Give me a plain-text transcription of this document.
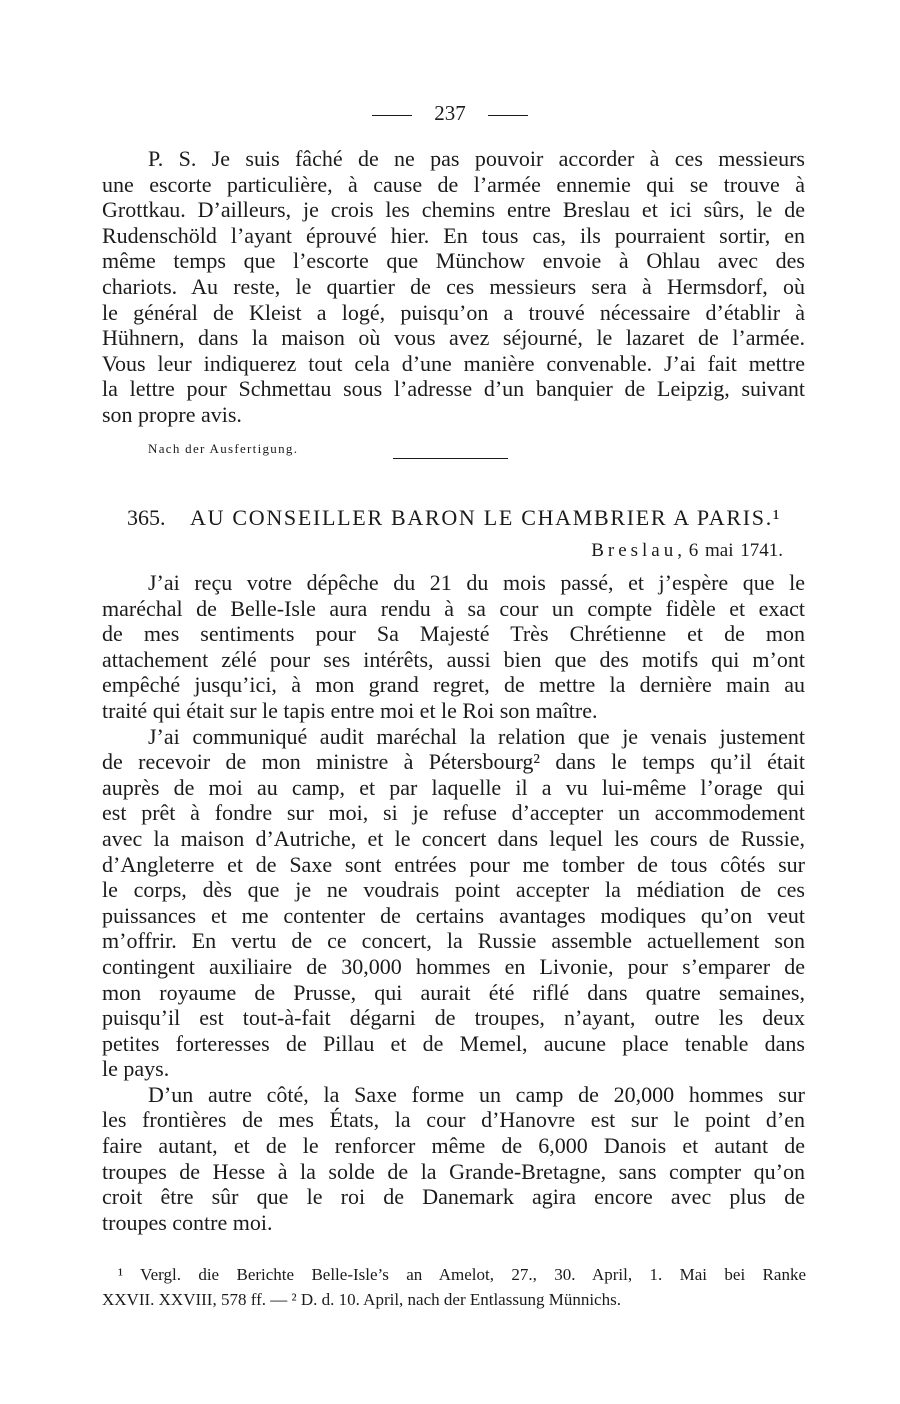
237
P. S. Je suis fâché de ne pas pouvoir accorder à ces messieurs
une escorte particulière, à cause de l’armée ennemie qui se trouve à
Grottkau. D’ailleurs, je crois les chemins entre Breslau et ici sûrs, le de
Rudenschöld l’ayant éprouvé hier. En tous cas, ils pourraient sortir, en
même temps que l’escorte que Münchow envoie à Ohlau avec des
chariots. Au reste, le quartier de ces messieurs sera à Hermsdorf, où
le général de Kleist a logé, puisqu’on a trouvé nécessaire d’établir à
Hühnern, dans la maison où vous avez séjourné, le lazaret de l’armée.
Vous leur indiquerez tout cela d’une manière convenable. J’ai fait mettre
la lettre pour Schmettau sous l’adresse d’un banquier de Leipzig, suivant
son propre avis.
Nach der Ausfertigung.
365. AU CONSEILLER BARON LE CHAMBRIER A PARIS.¹
Breslau, 6 mai 1741.
J’ai reçu votre dépêche du 21 du mois passé, et j’espère que le
maréchal de Belle-Isle aura rendu à sa cour un compte fidèle et exact
de mes sentiments pour Sa Majesté Très Chrétienne et de mon
attachement zélé pour ses intérêts, aussi bien que des motifs qui m’ont
empêché jusqu’ici, à mon grand regret, de mettre la dernière main au
traité qui était sur le tapis entre moi et le Roi son maître.
J’ai communiqué audit maréchal la relation que je venais justement
de recevoir de mon ministre à Pétersbourg² dans le temps qu’il était
auprès de moi au camp, et par laquelle il a vu lui-même l’orage qui
est prêt à fondre sur moi, si je refuse d’accepter un accommodement
avec la maison d’Autriche, et le concert dans lequel les cours de Russie,
d’Angleterre et de Saxe sont entrées pour me tomber de tous côtés sur
le corps, dès que je ne voudrais point accepter la médiation de ces
puissances et me contenter de certains avantages modiques qu’on veut
m’offrir. En vertu de ce concert, la Russie assemble actuellement son
contingent auxiliaire de 30,000 hommes en Livonie, pour s’emparer de
mon royaume de Prusse, qui aurait été riflé dans quatre semaines,
puisqu’il est tout-à-fait dégarni de troupes, n’ayant, outre les deux
petites forteresses de Pillau et de Memel, aucune place tenable dans
le pays.
D’un autre côté, la Saxe forme un camp de 20,000 hommes sur
les frontières de mes États, la cour d’Hanovre est sur le point d’en
faire autant, et de le renforcer même de 6,000 Danois et autant de
troupes de Hesse à la solde de la Grande-Bretagne, sans compter qu’on
croit être sûr que le roi de Danemark agira encore avec plus de
troupes contre moi.
¹ Vergl. die Berichte Belle-Isle’s an Amelot, 27., 30. April, 1. Mai bei Ranke
XXVII. XXVIII, 578 ff. — ² D. d. 10. April, nach der Entlassung Münnichs.
